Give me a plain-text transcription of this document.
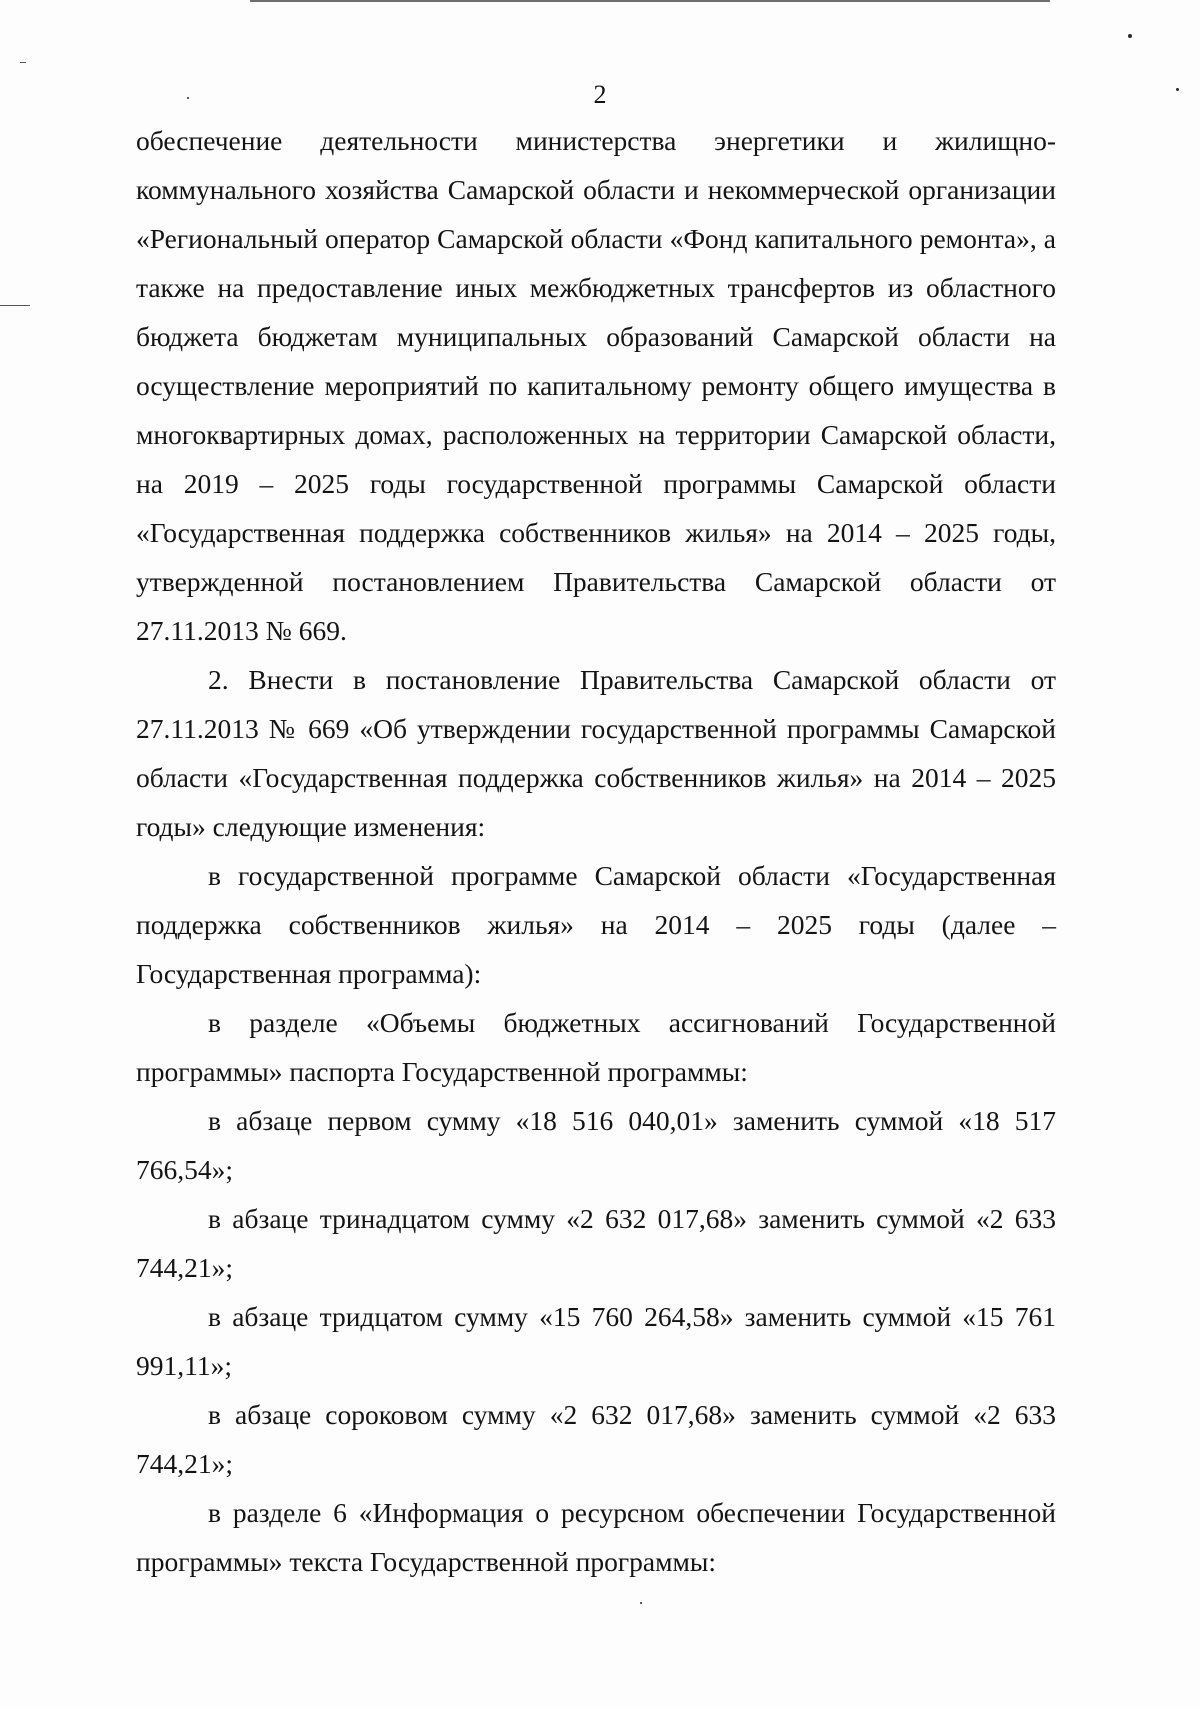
2

обеспечение деятельности министерства энергетики и жилищно-коммунального хозяйства Самарской области и некоммерческой организации «Региональный оператор Самарской области «Фонд капитального ремонта», а также на предоставление иных межбюджетных трансфертов из областного бюджета бюджетам муниципальных образований Самарской области на осуществление мероприятий по капитальному ремонту общего имущества в многоквартирных домах, расположенных на территории Самарской области, на 2019 – 2025 годы государственной программы Самарской области «Государственная поддержка собственников жилья» на 2014 – 2025 годы, утвержденной постановлением Правительства Самарской области от 27.11.2013 № 669.

2. Внести в постановление Правительства Самарской области от 27.11.2013 № 669 «Об утверждении государственной программы Самарской области «Государственная поддержка собственников жилья» на 2014 – 2025 годы» следующие изменения:

в государственной программе Самарской области «Государственная поддержка собственников жилья» на 2014 – 2025 годы (далее – Государственная программа):

в разделе «Объемы бюджетных ассигнований Государственной программы» паспорта Государственной программы:

в абзаце первом сумму «18 516 040,01» заменить суммой «18 517 766,54»;

в абзаце тринадцатом сумму «2 632 017,68» заменить суммой «2 633 744,21»;

в абзаце тридцатом сумму «15 760 264,58» заменить суммой «15 761 991,11»;

в абзаце сороковом сумму «2 632 017,68» заменить суммой «2 633 744,21»;

в разделе 6 «Информация о ресурсном обеспечении Государственной программы» текста Государственной программы:
